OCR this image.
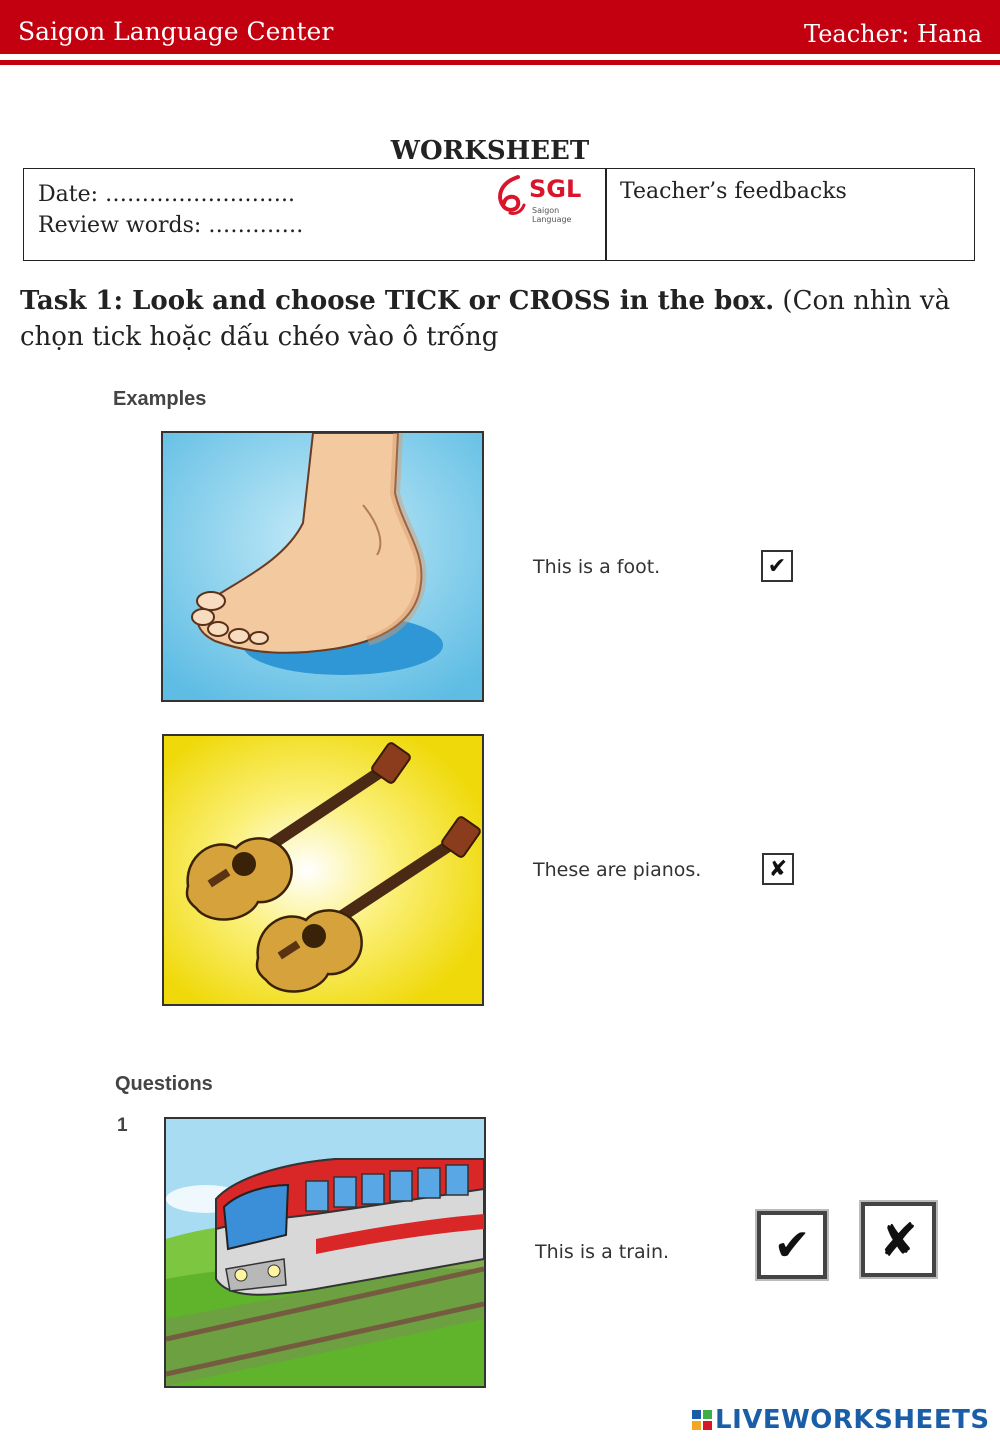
Saigon Language Center	Teacher: Hana
WORKSHEET
Date: ……………………..
Review words: ………….
SGL
Saigon Language
Teacher’s feedbacks
Task 1: Look and choose TICK or CROSS in the box. (Con nhìn và chọn tick hoặc dấu chéo vào ô trống
Examples
This is a foot.	✔
These are pianos.	✘
Questions
1
This is a train.	✔	✘
LIVEWORKSHEETS
